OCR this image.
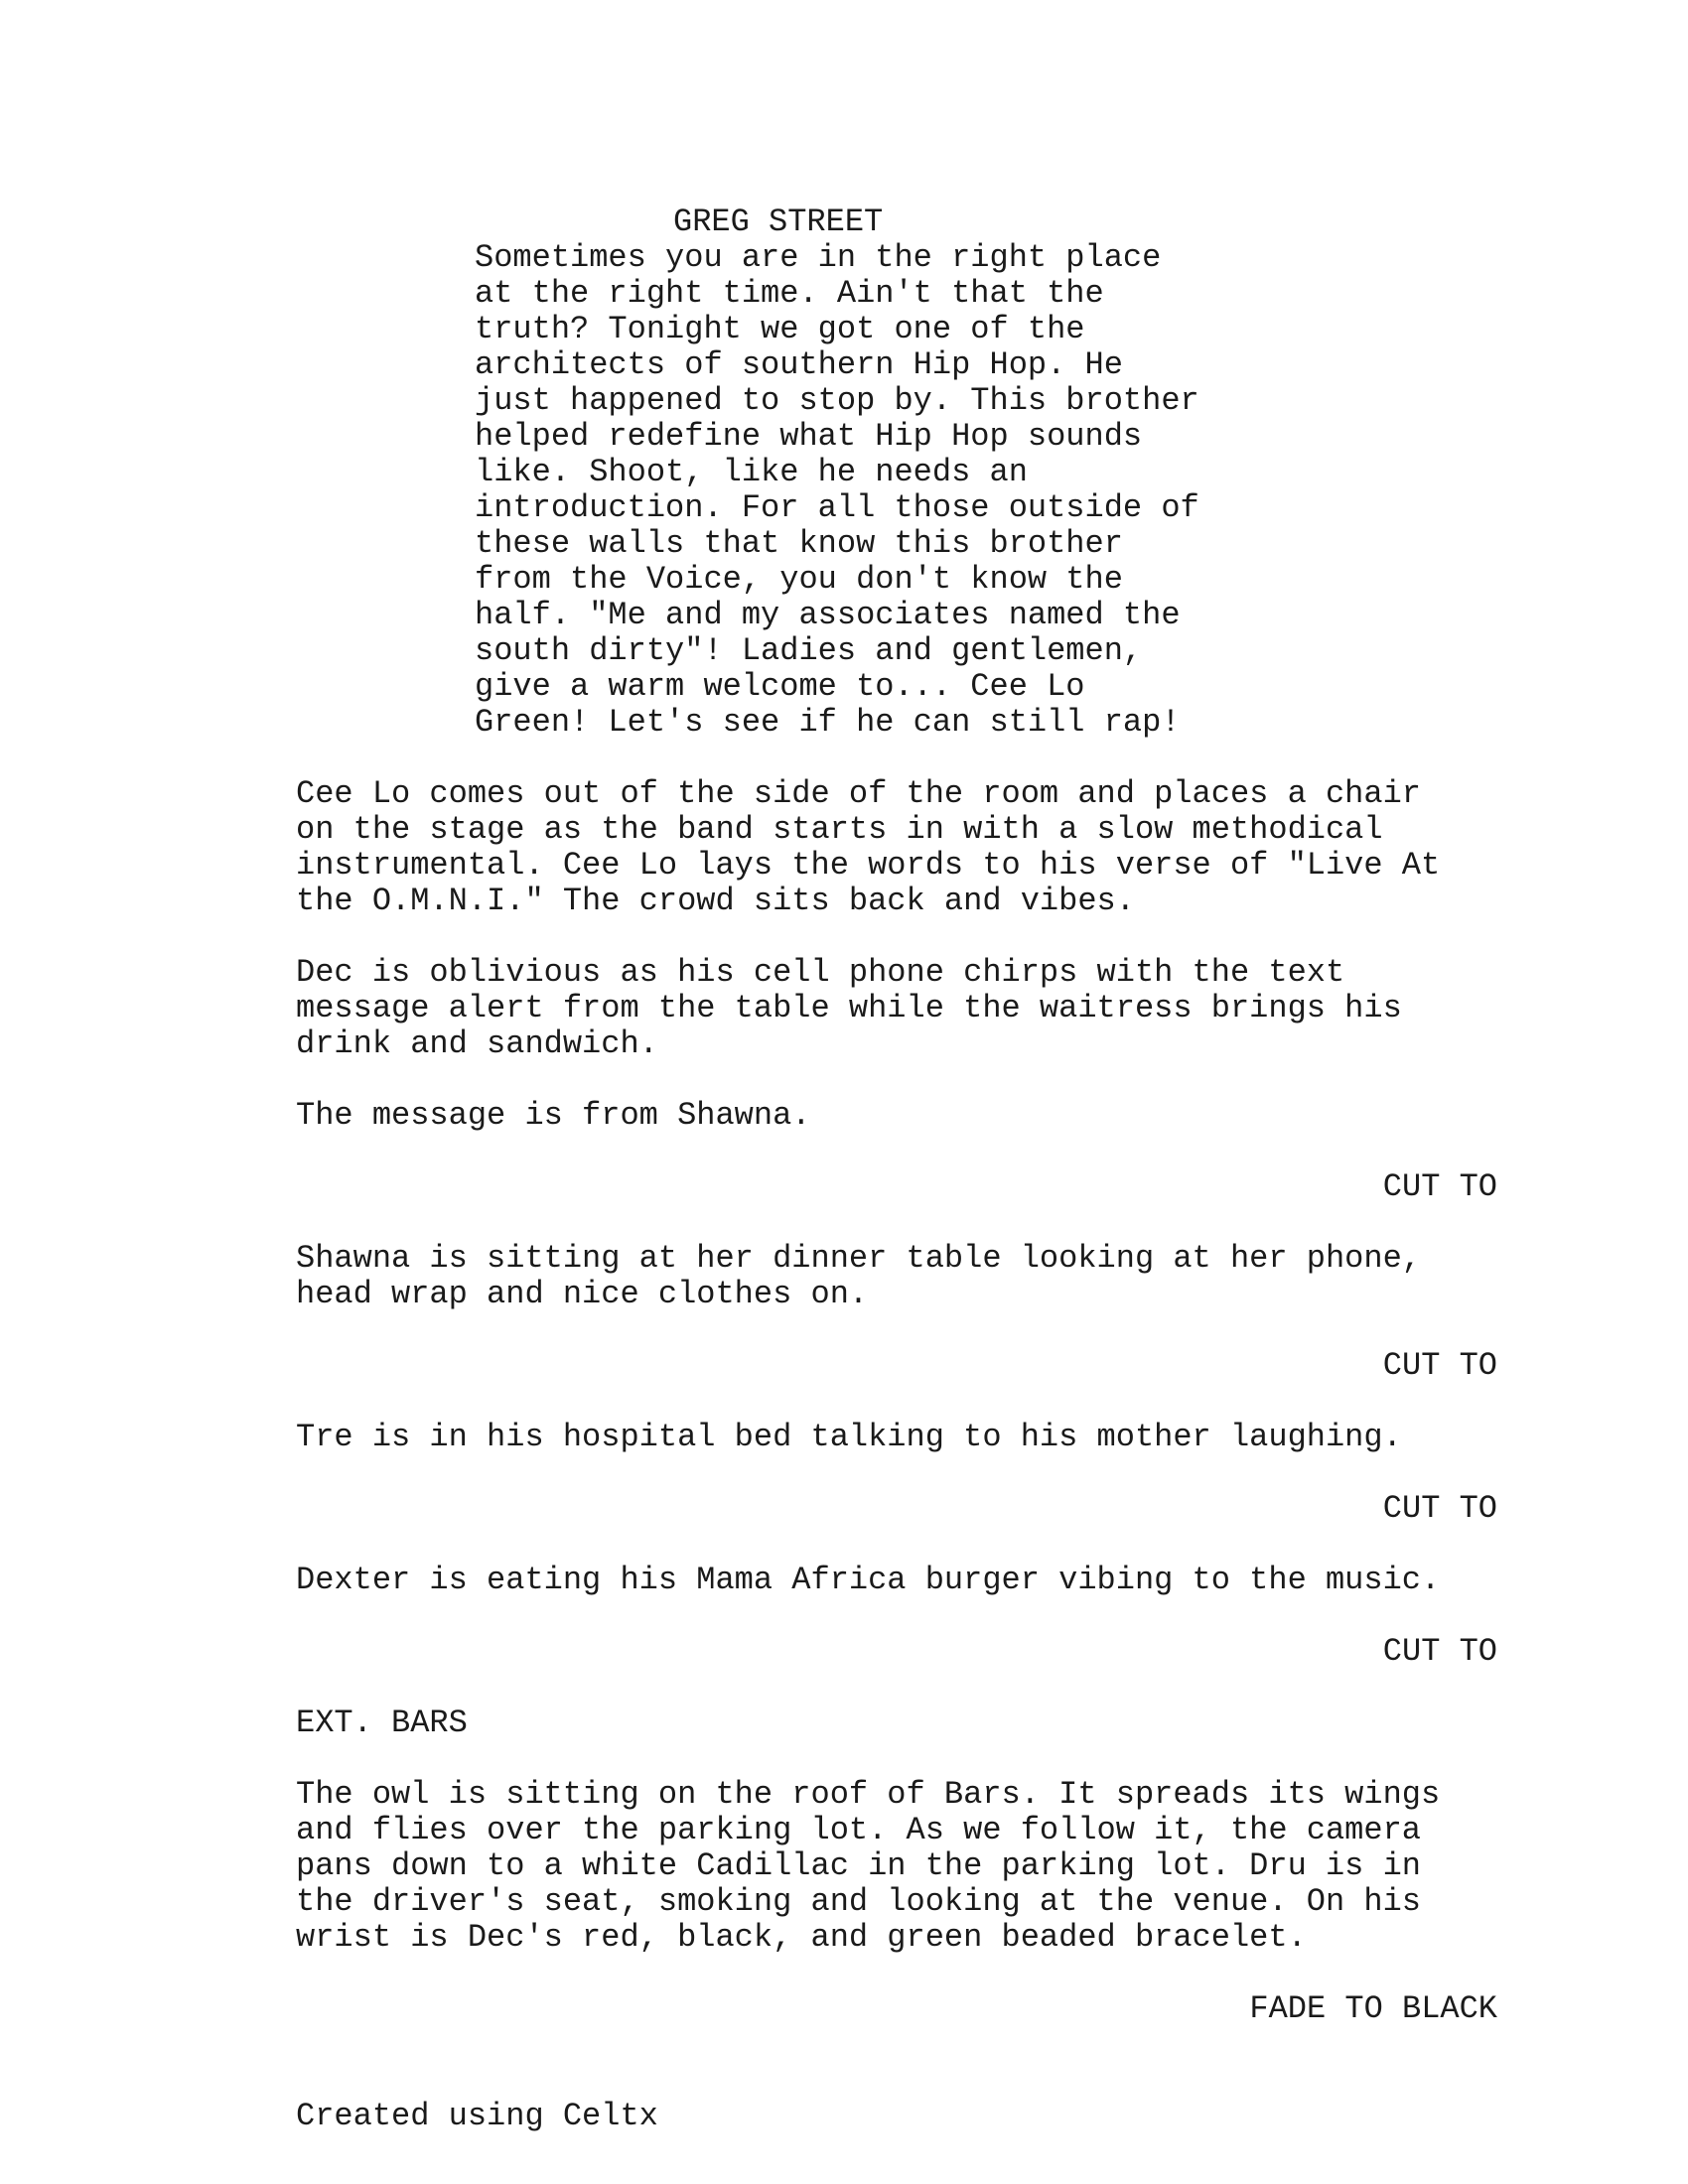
GREG STREET

Sometimes you are in the right place
at the right time. Ain't that the
truth? Tonight we got one of the
architects of southern Hip Hop. He
just happened to stop by. This brother
helped redefine what Hip Hop sounds
like. Shoot, like he needs an
introduction. For all those outside of
these walls that know this brother
from the Voice, you don't know the
half. "Me and my associates named the
south dirty"! Ladies and gentlemen,
give a warm welcome to... Cee Lo
Green! Let's see if he can still rap!

Cee Lo comes out of the side of the room and places a chair
on the stage as the band starts in with a slow methodical
instrumental. Cee Lo lays the words to his verse of "Live At
the O.M.N.I." The crowd sits back and vibes.

Dec is oblivious as his cell phone chirps with the text
message alert from the table while the waitress brings his
drink and sandwich.

The message is from Shawna.

CUT TO

Shawna is sitting at her dinner table looking at her phone,
head wrap and nice clothes on.

CUT TO

Tre is in his hospital bed talking to his mother laughing.

CUT TO

Dexter is eating his Mama Africa burger vibing to the music.

CUT TO

EXT. BARS

The owl is sitting on the roof of Bars. It spreads its wings
and flies over the parking lot. As we follow it, the camera
pans down to a white Cadillac in the parking lot. Dru is in
the driver's seat, smoking and looking at the venue. On his
wrist is Dec's red, black, and green beaded bracelet.

FADE TO BLACK

Created using Celtx
